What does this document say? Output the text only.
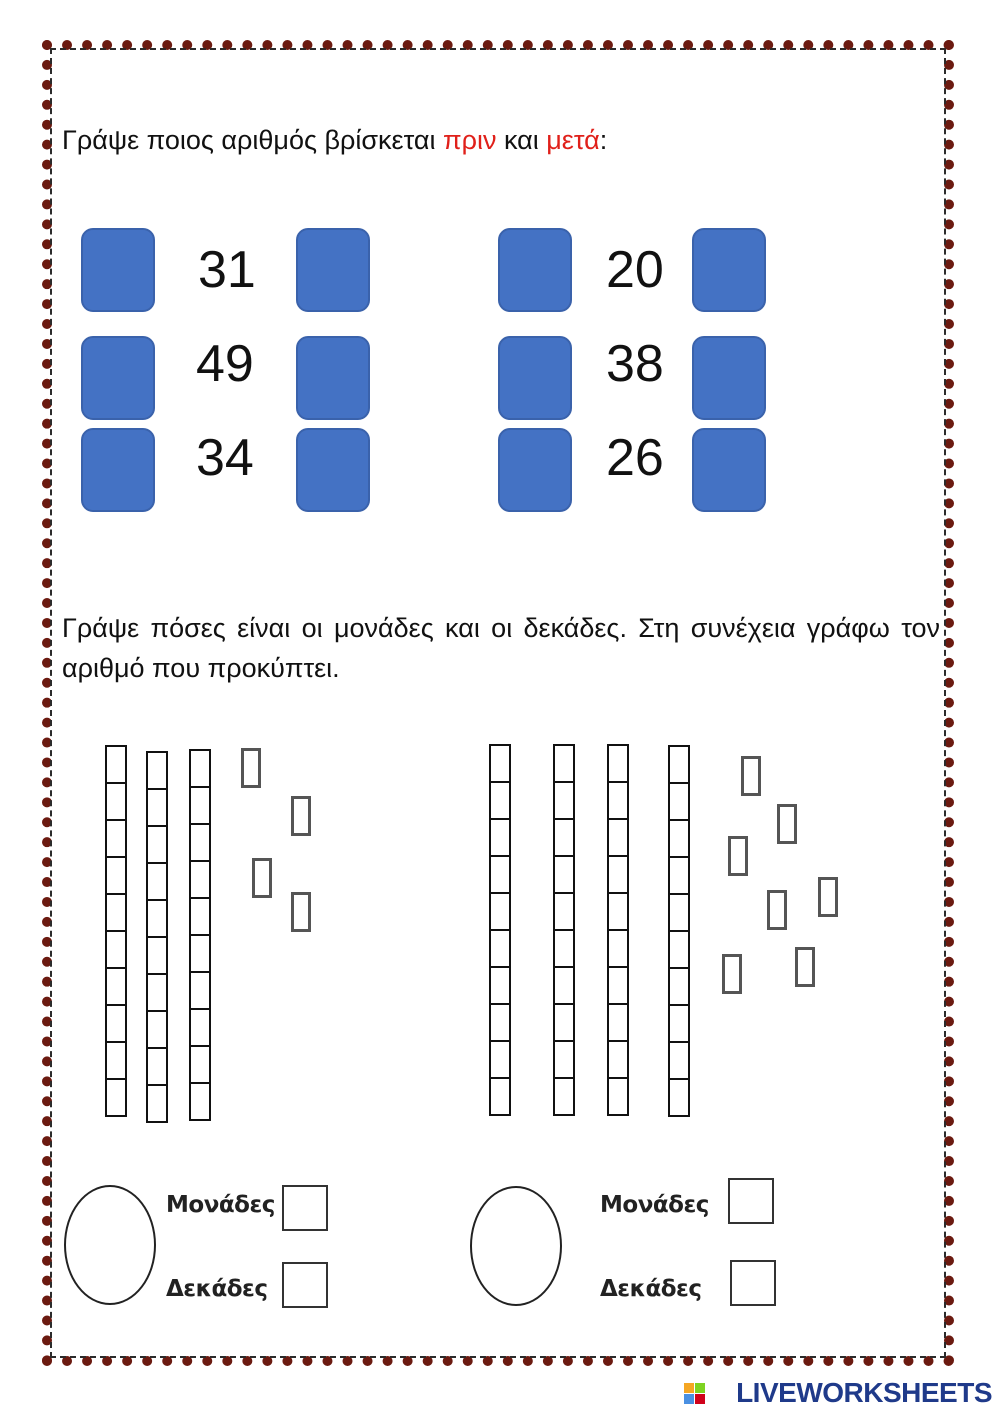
Γράψε ποιος αριθμός βρίσκεται πριν και μετά:

31
49
34
20
38
26

Γράψε πόσες είναι οι μονάδες και οι δεκάδες. Στη συνέχεια γράφω τον αριθμό που προκύπτει.

Μονάδες
Δεκάδες
Μονάδες
Δεκάδες
LIVEWORKSHEETS
